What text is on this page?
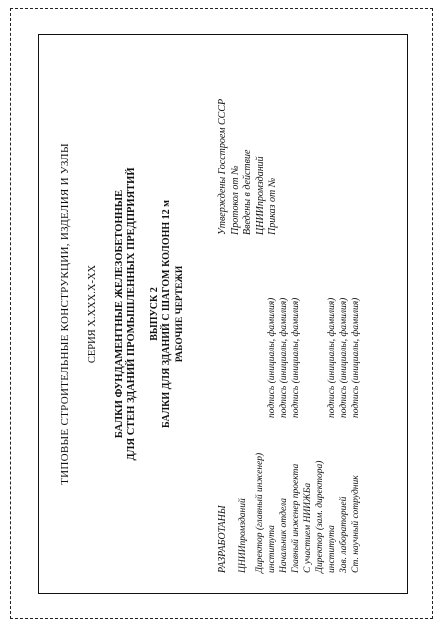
ТИПОВЫЕ СТРОИТЕЛЬНЫЕ КОНСТРУКЦИИ, ИЗДЕЛИЯ И УЗЛЫ СЕРИЯ Х.ХХХ.Х-ХХ БАЛКИ ФУНДАМЕНТНЫЕ ЖЕЛЕЗОБЕТОННЫЕ ДЛЯ СТЕН ЗДАНИЙ ПРОМЫШЛЕННЫХ ПРЕДПРИЯТИЙ ВЫПУСК 2 БАЛКИ ДЛЯ ЗДАНИЙ С ШАГОМ КОЛОНН 12 м РАБОЧИЕ ЧЕРТЕЖИ
РАЗРАБОТАНЫ ЦНИИпромзданий Директор (главный инженер) института
подпись (инициалы, фамилия)
Начальник отдела
подпись (инициалы, фамилия)
Главный инженер проекта
подпись (инициалы, фамилия)
С участием НИИЖБа Директор (зам. директора) института
подпись (инициалы, фамилия)
Зав. лабораторией
подпись (инициалы, фамилия)
Ст. научный сотрудник
подпись (инициалы, фамилия)
Утверждены Госстроем СССР Протокол от № Введены в действие ЦНИИпромзданий Приказ от №
